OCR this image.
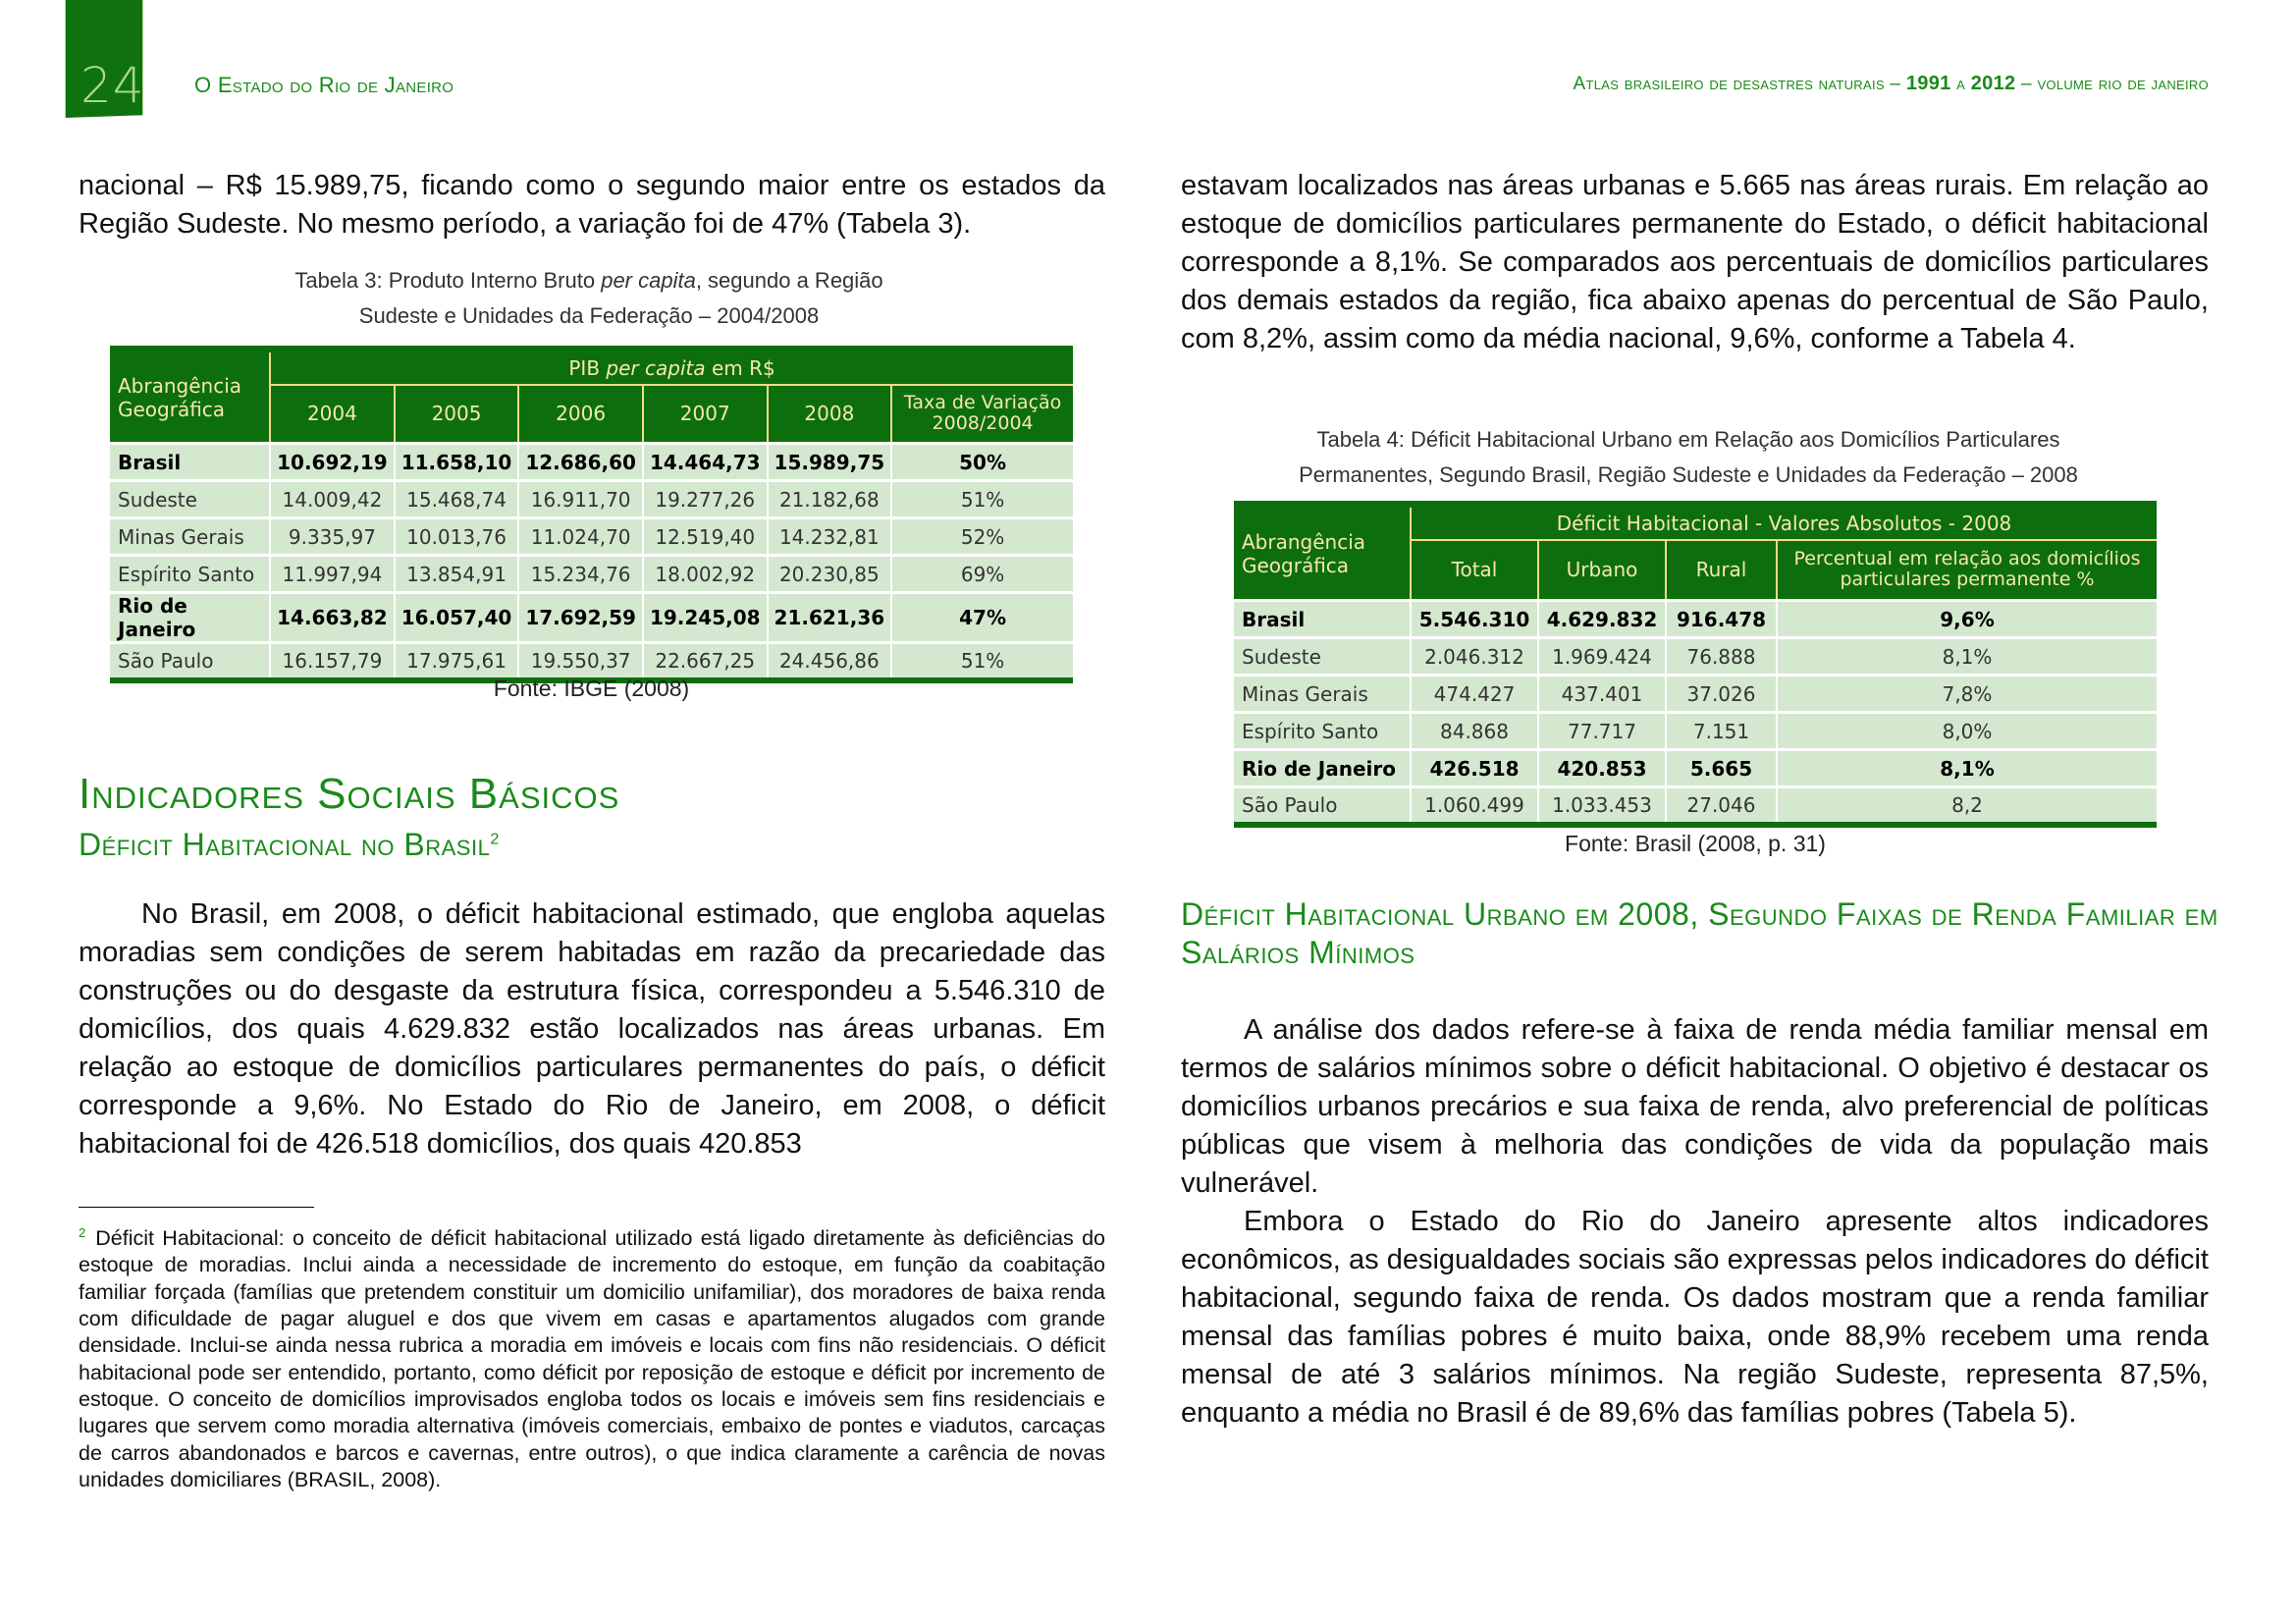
24 O Estado do Rio de Janeiro	Atlas brasileiro de desastres naturais – 1991 a 2012 – volume rio de janeiro

nacional – R$ 15.989,75, ficando como o segundo maior entre os estados da Região Sudeste. No mesmo período, a variação foi de 47% (Tabela 3).

Tabela 3: Produto Interno Bruto per capita, segundo a Região
Sudeste e Unidades da Federação – 2004/2008
Abrangência Geográfica	PIB per capita em R$					
	2004	2005	2006	2007	2008	Taxa de Variação 2008/2004
Brasil	10.692,19	11.658,10	12.686,60	14.464,73	15.989,75	50%
Sudeste	14.009,42	15.468,74	16.911,70	19.277,26	21.182,68	51%
Minas Gerais	9.335,97	10.013,76	11.024,70	12.519,40	14.232,81	52%
Espírito Santo	11.997,94	13.854,91	15.234,76	18.002,92	20.230,85	69%
Rio de Janeiro	14.663,82	16.057,40	17.692,59	19.245,08	21.621,36	47%
São Paulo	16.157,79	17.975,61	19.550,37	22.667,25	24.456,86	51%
Fonte: IBGE (2008)
Indicadores Sociais Básicos
Déficit Habitacional no Brasil$^2$

No Brasil, em 2008, o déficit habitacional estimado, que engloba aquelas moradias sem condições de serem habitadas em razão da precariedade das construções ou do desgaste da estrutura física, correspondeu a 5.546.310 de domicílios, dos quais 4.629.832 estão localizados nas áreas urbanas. Em relação ao estoque de domicílios particulares permanentes do país, o déficit corresponde a 9,6%. No Estado do Rio de Janeiro, em 2008, o déficit habitacional foi de 426.518 domicílios, dos quais 420.853

$^2$ Déficit Habitacional: o conceito de déficit habitacional utilizado está ligado diretamente às deficiências do estoque de moradias. Inclui ainda a necessidade de incremento do estoque, em função da coabitação familiar forçada (famílias que pretendem constituir um domicilio unifamiliar), dos moradores de baixa renda com dificuldade de pagar aluguel e dos que vivem em casas e apartamentos alugados com grande densidade. Inclui-se ainda nessa rubrica a moradia em imóveis e locais com fins não residenciais. O déficit habitacional pode ser entendido, portanto, como déficit por reposição de estoque e déficit por incremento de estoque. O conceito de domicílios improvisados engloba todos os locais e imóveis sem fins residenciais e lugares que servem como moradia alternativa (imóveis comerciais, embaixo de pontes e viadutos, carcaças de carros abandonados e barcos e cavernas, entre outros), o que indica claramente a carência de novas unidades domiciliares (BRASIL, 2008).

estavam localizados nas áreas urbanas e 5.665 nas áreas rurais. Em relação ao estoque de domicílios particulares permanente do Estado, o déficit habitacional corresponde a 8,1%. Se comparados aos percentuais de domicílios particulares dos demais estados da região, fica abaixo apenas do percentual de São Paulo, com 8,2%, assim como da média nacional, 9,6%, conforme a Tabela 4.

Tabela 4: Déficit Habitacional Urbano em Relação aos Domicílios Particulares
Permanentes, Segundo Brasil, Região Sudeste e Unidades da Federação – 2008
Abrangência Geográfica	Déficit Habitacional - Valores Absolutos - 2008			
	Total	Urbano	Rural	Percentual em relação aos domicílios particulares permanente %
Brasil	5.546.310	4.629.832	916.478	9,6%
Sudeste	2.046.312	1.969.424	76.888	8,1%
Minas Gerais	474.427	437.401	37.026	7,8%
Espírito Santo	84.868	77.717	7.151	8,0%
Rio de Janeiro	426.518	420.853	5.665	8,1%
São Paulo	1.060.499	1.033.453	27.046	8,2
Fonte: Brasil (2008, p. 31)
Déficit Habitacional Urbano em 2008, Segundo Faixas de Renda Familiar em Salários Mínimos

A análise dos dados refere-se à faixa de renda média familiar mensal em termos de salários mínimos sobre o déficit habitacional. O objetivo é destacar os domicílios urbanos precários e sua faixa de renda, alvo preferencial de políticas públicas que visem à melhoria das condições de vida da população mais vulnerável.

Embora o Estado do Rio do Janeiro apresente altos indicadores econômicos, as desigualdades sociais são expressas pelos indicadores do déficit habitacional, segundo faixa de renda. Os dados mostram que a renda familiar mensal das famílias pobres é muito baixa, onde 88,9% recebem uma renda mensal de até 3 salários mínimos. Na região Sudeste, representa 87,5%, enquanto a média no Brasil é de 89,6% das famílias pobres (Tabela 5).
